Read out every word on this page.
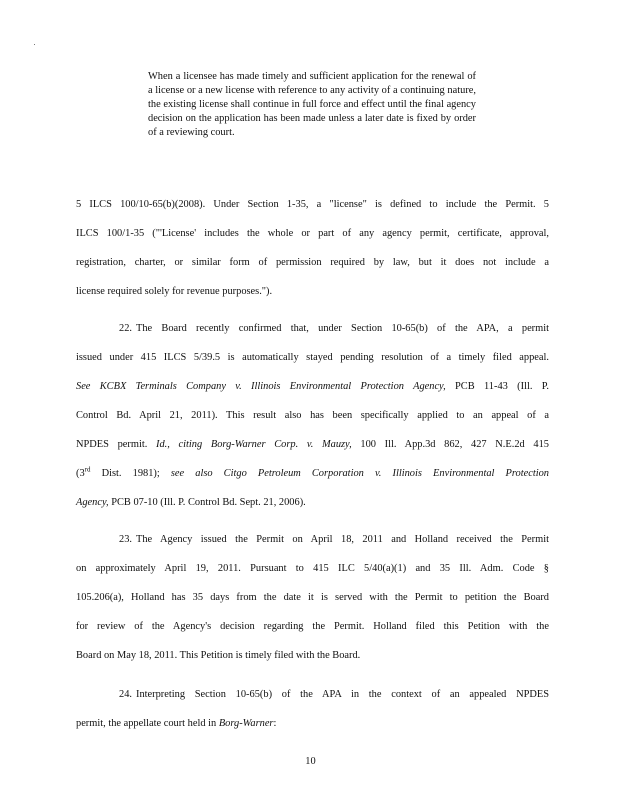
When a licensee has made timely and sufficient application for the renewal of a license or a new license with reference to any activity of a continuing nature, the existing license shall continue in full force and effect until the final agency decision on the application has been made unless a later date is fixed by order of a reviewing court.
5 ILCS 100/10-65(b)(2008). Under Section 1-35, a "license" is defined to include the Permit. 5
ILCS 100/1-35 ("'License' includes the whole or part of any agency permit, certificate, approval,
registration, charter, or similar form of permission required by law, but it does not include a
license required solely for revenue purposes.").
22. The Board recently confirmed that, under Section 10-65(b) of the APA, a permit
issued under 415 ILCS 5/39.5 is automatically stayed pending resolution of a timely filed appeal.
See KCBX Terminals Company v. Illinois Environmental Protection Agency, PCB 11-43 (Ill. P.
Control Bd. April 21, 2011). This result also has been specifically applied to an appeal of a
NPDES permit. Id., citing Borg-Warner Corp. v. Mauzy, 100 Ill. App.3d 862, 427 N.E.2d 415
(3rd Dist. 1981); see also Citgo Petroleum Corporation v. Illinois Environmental Protection
Agency, PCB 07-10 (Ill. P. Control Bd. Sept. 21, 2006).
23. The Agency issued the Permit on April 18, 2011 and Holland received the Permit
on approximately April 19, 2011. Pursuant to 415 ILC 5/40(a)(1) and 35 Ill. Adm. Code §
105.206(a), Holland has 35 days from the date it is served with the Permit to petition the Board
for review of the Agency's decision regarding the Permit. Holland filed this Petition with the
Board on May 18, 2011. This Petition is timely filed with the Board.
24. Interpreting Section 10-65(b) of the APA in the context of an appealed NPDES
permit, the appellate court held in Borg-Warner:
10
